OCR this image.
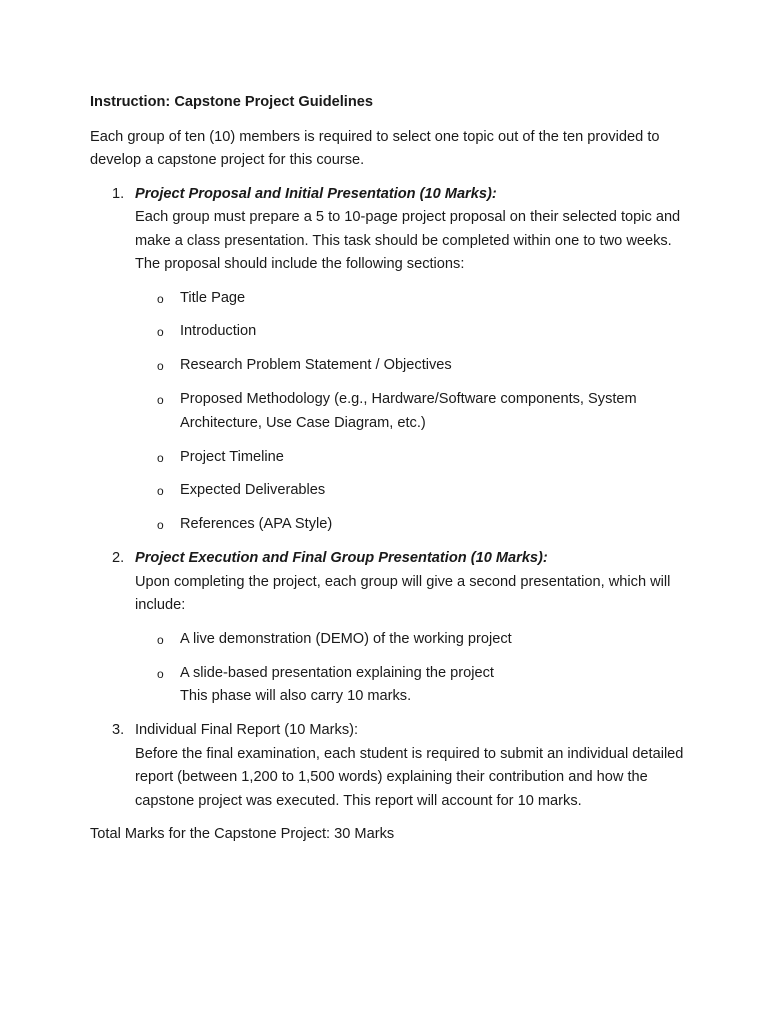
Instruction: Capstone Project Guidelines
Each group of ten (10) members is required to select one topic out of the ten provided to develop a capstone project for this course.
1. Project Proposal and Initial Presentation (10 Marks):
Each group must prepare a 5 to 10-page project proposal on their selected topic and make a class presentation. This task should be completed within one to two weeks.
The proposal should include the following sections:
o Title Page
o Introduction
o Research Problem Statement / Objectives
o Proposed Methodology (e.g., Hardware/Software components, System Architecture, Use Case Diagram, etc.)
o Project Timeline
o Expected Deliverables
o References (APA Style)
2. Project Execution and Final Group Presentation (10 Marks):
Upon completing the project, each group will give a second presentation, which will include:
o A live demonstration (DEMO) of the working project
o A slide-based presentation explaining the project
This phase will also carry 10 marks.
3. Individual Final Report (10 Marks):
Before the final examination, each student is required to submit an individual detailed report (between 1,200 to 1,500 words) explaining their contribution and how the capstone project was executed. This report will account for 10 marks.
Total Marks for the Capstone Project: 30 Marks
